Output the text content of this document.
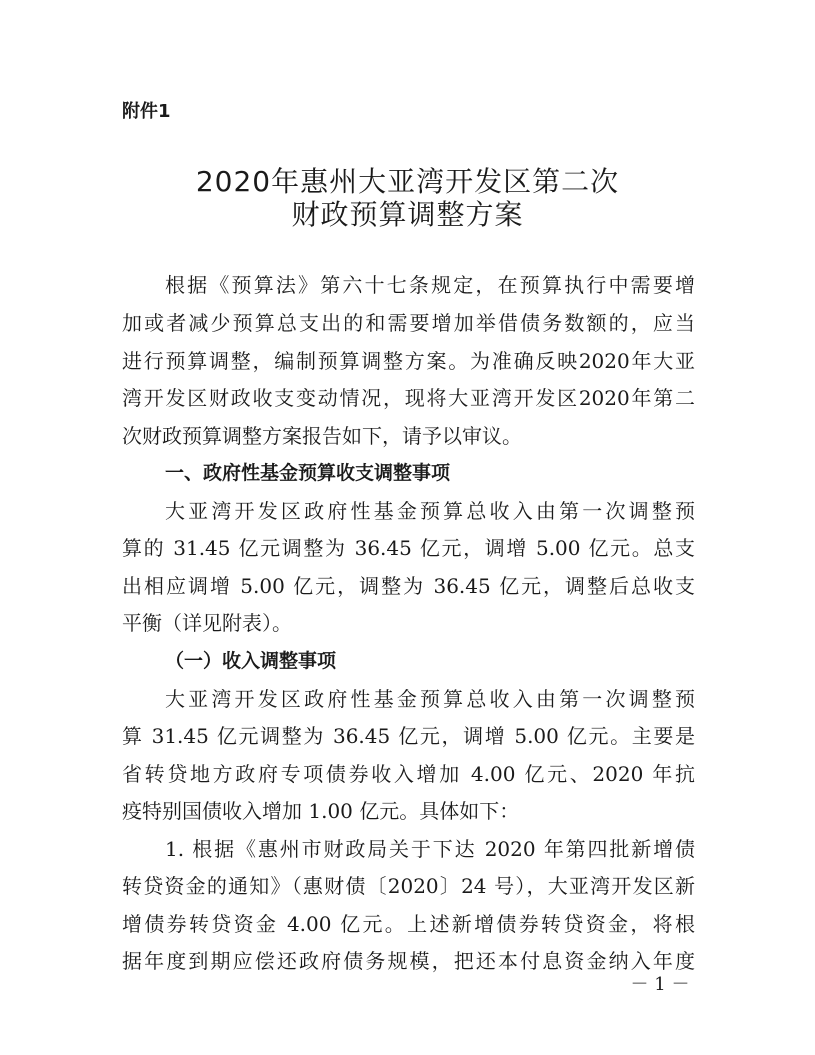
附件1
2020年惠州大亚湾开发区第二次
财政预算调整方案
根据《预算法》第六十七条规定，在预算执行中需要增
加或者减少预算总支出的和需要增加举借债务数额的，应当
进行预算调整，编制预算调整方案。为准确反映2020年大亚
湾开发区财政收支变动情况，现将大亚湾开发区2020年第二
次财政预算调整方案报告如下，请予以审议。
一、政府性基金预算收支调整事项
大亚湾开发区政府性基金预算总收入由第一次调整预
算的 31.45 亿元调整为 36.45 亿元，调增 5.00 亿元。总支
出相应调增 5.00 亿元，调整为 36.45 亿元，调整后总收支
平衡（详见附表）。
（一）收入调整事项
大亚湾开发区政府性基金预算总收入由第一次调整预
算 31.45 亿元调整为 36.45 亿元，调增 5.00 亿元。主要是
省转贷地方政府专项债券收入增加 4.00 亿元、2020 年抗
疫特别国债收入增加 1.00 亿元。具体如下：
1. 根据《惠州市财政局关于下达 2020 年第四批新增债
转贷资金的通知》（惠财债〔2020〕24 号），大亚湾开发区新
增债券转贷资金 4.00 亿元。上述新增债券转贷资金，将根
据年度到期应偿还政府债务规模，把还本付息资金纳入年度
－ 1 －
